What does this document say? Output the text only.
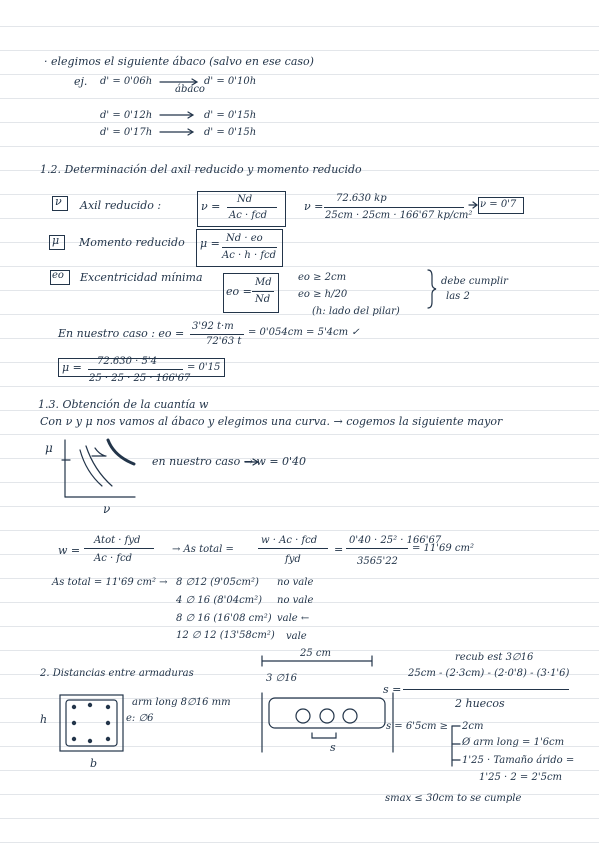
· elegimos el siguiente ábaco (salvo en ese caso)
ej. d' = 0'06h
ábaco
d' = 0'10h
d' = 0'12h	d' = 0'15h
d' = 0'17h	d' = 0'15h
1.2. Determinación del axil reducido y momento reducido
ν Axil reducido :	ν =
Nd
Ac · fcd
ν =
72.630 kp
25cm · 25cm · 166'67 kp/cm²
ν = 0'7
μ Momento reducido μ = Nd · eo
Ac · h · fcd
eo Excentricidad mínima
eo =
Md
Nd
eo ≥ 2cm
eo ≥ h/20
(h: lado del pilar)
debe cumplir
las 2
En nuestro caso : eo =
3'92 t·m
72'63 t
= 0'054cm = 5'4cm ✓
μ = 72.630 · 5'4
25 · 25 · 25 · 166'67
= 0'15
1.3. Obtención de la cuantía w
Con ν y μ nos vamos al ábaco y elegimos una curva. → cogemos la siguiente mayor
μ
ν
en nuestro caso → w = 0'40
w =
Atot · fyd
Ac · fcd
→ As total =
w · Ac · fcd
fyd
=
0'40 · 25² · 166'67
3565'22
= 11'69 cm²
As total = 11'69 cm² → 8 ∅12 (9'05cm²) no vale
4 ∅ 16 (8'04cm²) no vale
8 ∅ 16 (16'08 cm²) vale ←
12 ∅ 12 (13'58cm²) vale
25 cm
2. Distancias entre armaduras	3 ∅16
arm long 8∅16 mm
e: ∅6
h
b
s
recub est 3∅16
s =
25cm - (2·3cm) - (2·0'8) - (3·1'6)
2 huecos
s = 6'5cm ≥ 2cm
Ø arm long = 1'6cm
1'25 · Tamaño árido =
1'25 · 2 = 2'5cm
smax ≤ 30cm to se cumple
